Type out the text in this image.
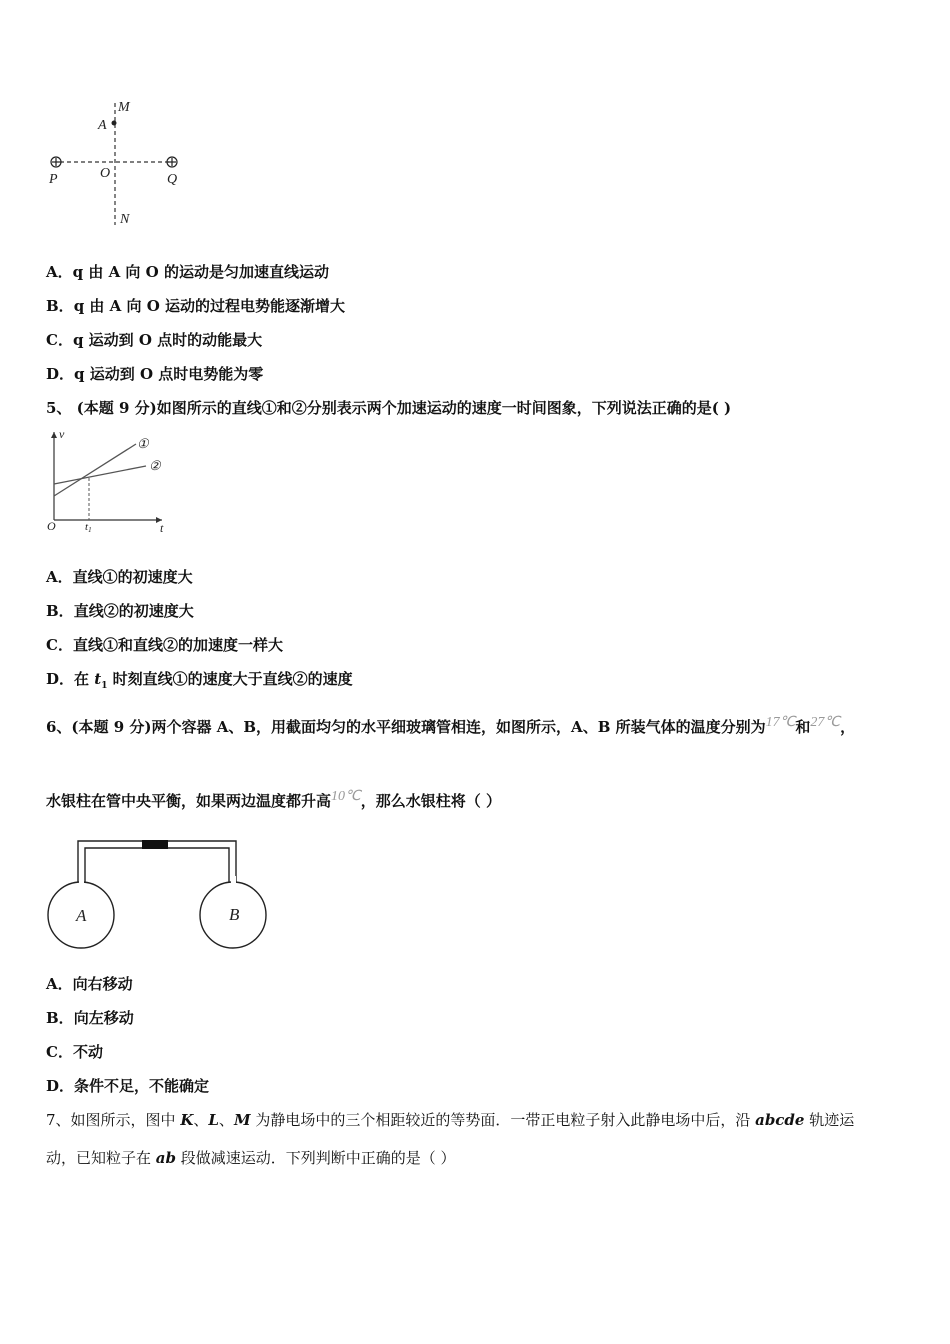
M
A
O
N
P	Q
A．q 由 A 向 O 的运动是匀加速直线运动
B．q 由 A 向 O 运动的过程电势能逐渐增大
C．q 运动到 O 点时的动能最大
D．q 运动到 O 点时电势能为零
5、 (本题 9 分)如图所示的直线①和②分别表示两个加速运动的速度一时间图象，下列说法正确的是( )
v
t
O	t1
①
②
A．直线①的初速度大
B．直线②的初速度大
C．直线①和直线②的加速度一样大
D．在 $t_1$ 时刻直线①的速度大于直线②的速度
6、(本题 9 分)两个容器 A、B，用截面均匀的水平细玻璃管相连，如图所示，A、B 所装气体的温度分别为17℃和27℃，
水银柱在管中央平衡，如果两边温度都升高10℃，那么水银柱将（ ）
A	B
A．向右移动
B．向左移动
C．不动
D．条件不足，不能确定
7、如图所示，图中 K、L、M 为静电场中的三个相距较近的等势面．一带正电粒子射入此静电场中后，沿 abcde 轨迹运
动，已知粒子在 ab 段做减速运动．下列判断中正确的是（ ）
